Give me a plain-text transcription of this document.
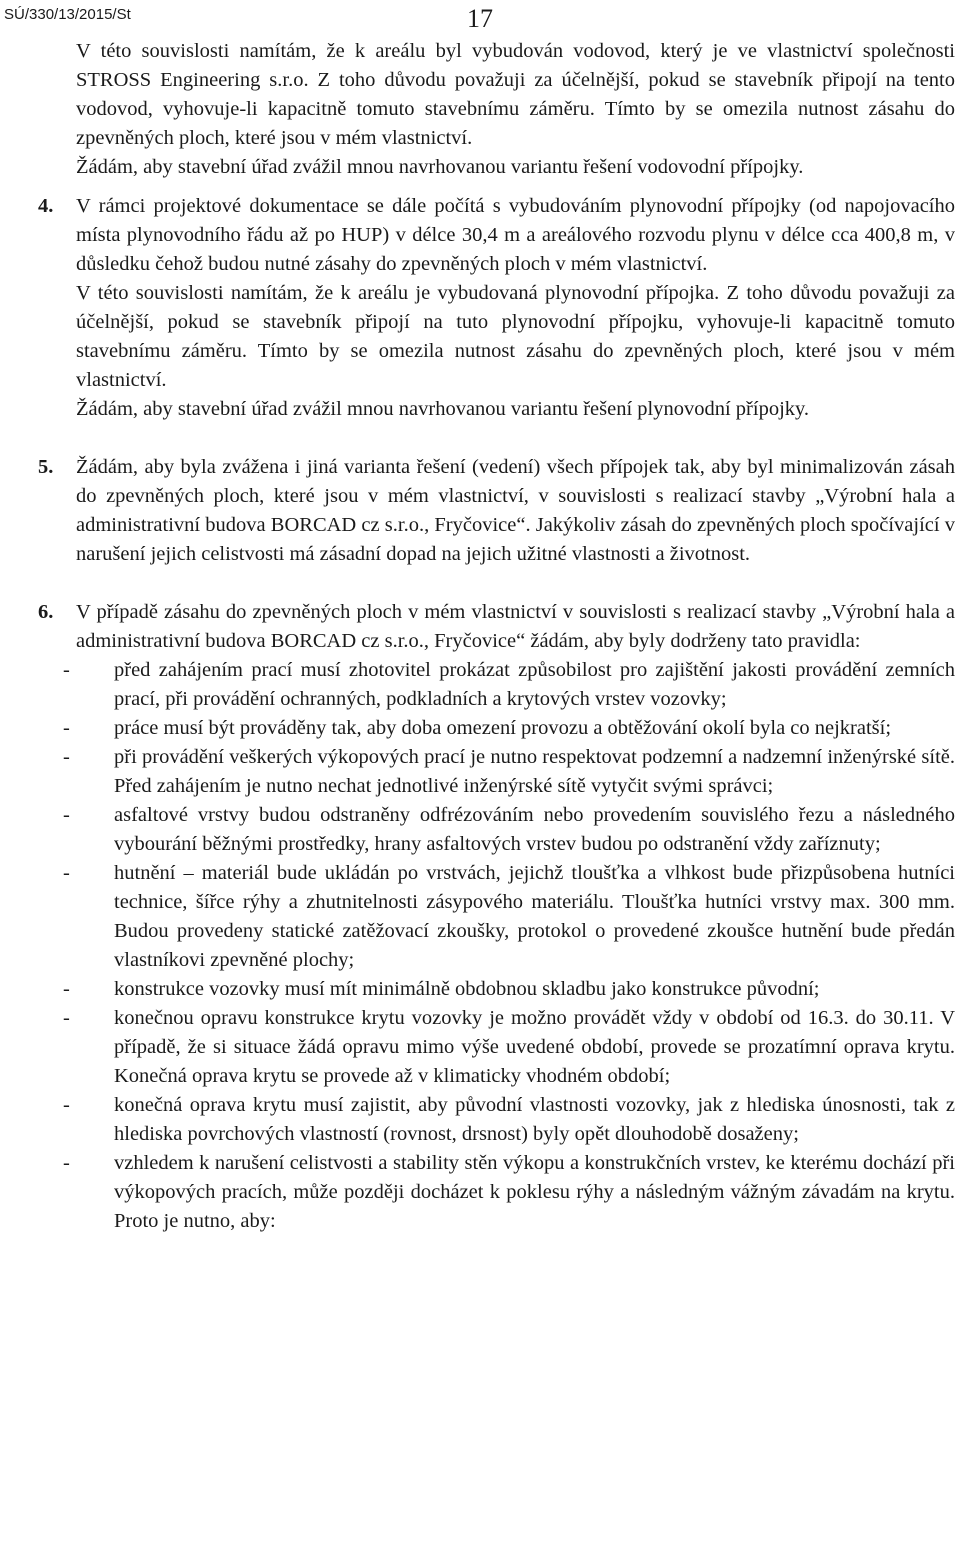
SÚ/330/13/2015/St	17

V této souvislosti namítám, že k areálu byl vybudován vodovod, který je ve vlastnictví společnosti STROSS Engineering s.r.o. Z toho důvodu považuji za účelnější, pokud se stavebník připojí na tento vodovod, vyhovuje-li kapacitně tomuto stavebnímu záměru. Tímto by se omezila nutnost zásahu do zpevněných ploch, které jsou v mém vlastnictví.

Žádám, aby stavební úřad zvážil mnou navrhovanou variantu řešení vodovodní přípojky.

4. V rámci projektové dokumentace se dále počítá s vybudováním plynovodní přípojky (od napojovacího místa plynovodního řádu až po HUP) v délce 30,4 m a areálového rozvodu plynu v délce cca 400,8 m, v důsledku čehož budou nutné zásahy do zpevněných ploch v mém vlastnictví.

V této souvislosti namítám, že k areálu je vybudovaná plynovodní přípojka. Z toho důvodu považuji za účelnější, pokud se stavebník připojí na tuto plynovodní přípojku, vyhovuje-li kapacitně tomuto stavebnímu záměru. Tímto by se omezila nutnost zásahu do zpevněných ploch, které jsou v mém vlastnictví.

Žádám, aby stavební úřad zvážil mnou navrhovanou variantu řešení plynovodní přípojky.

5. Žádám, aby byla zvážena i jiná varianta řešení (vedení) všech přípojek tak, aby byl minimalizován zásah do zpevněných ploch, které jsou v mém vlastnictví, v souvislosti s realizací stavby „Výrobní hala a administrativní budova BORCAD cz s.r.o., Fryčovice“. Jakýkoliv zásah do zpevněných ploch spočívající v narušení jejich celistvosti má zásadní dopad na jejich užitné vlastnosti a životnost.

6. V případě zásahu do zpevněných ploch v mém vlastnictví v souvislosti s realizací stavby „Výrobní hala a administrativní budova BORCAD cz s.r.o., Fryčovice“ žádám, aby byly dodrženy tato pravidla:

- před zahájením prací musí zhotovitel prokázat způsobilost pro zajištění jakosti provádění zemních prací, při provádění ochranných, podkladních a krytových vrstev vozovky;
- práce musí být prováděny tak, aby doba omezení provozu a obtěžování okolí byla co nejkratší;
- při provádění veškerých výkopových prací je nutno respektovat podzemní a nadzemní inženýrské sítě. Před zahájením je nutno nechat jednotlivé inženýrské sítě vytyčit svými správci;
- asfaltové vrstvy budou odstraněny odfrézováním nebo provedením souvislého řezu a následného vybourání běžnými prostředky, hrany asfaltových vrstev budou po odstranění vždy zaříznuty;
- hutnění – materiál bude ukládán po vrstvách, jejichž tloušťka a vlhkost bude přizpůsobena hutníci technice, šířce rýhy a zhutnitelnosti zásypového materiálu. Tloušťka hutníci vrstvy max. 300 mm. Budou provedeny statické zatěžovací zkoušky, protokol o provedené zkoušce hutnění bude předán vlastníkovi zpevněné plochy;
- konstrukce vozovky musí mít minimálně obdobnou skladbu jako konstrukce původní;
- konečnou opravu konstrukce krytu vozovky je možno provádět vždy v období od 16.3. do 30.11. V případě, že si situace žádá opravu mimo výše uvedené období, provede se prozatímní oprava krytu. Konečná oprava krytu se provede až v klimaticky vhodném období;
- konečná oprava krytu musí zajistit, aby původní vlastnosti vozovky, jak z hlediska únosnosti, tak z hlediska povrchových vlastností (rovnost, drsnost) byly opět dlouhodobě dosaženy;
- vzhledem k narušení celistvosti a stability stěn výkopu a konstrukčních vrstev, ke kterému dochází při výkopových pracích, může později docházet k poklesu rýhy a následným vážným závadám na krytu. Proto je nutno, aby:
